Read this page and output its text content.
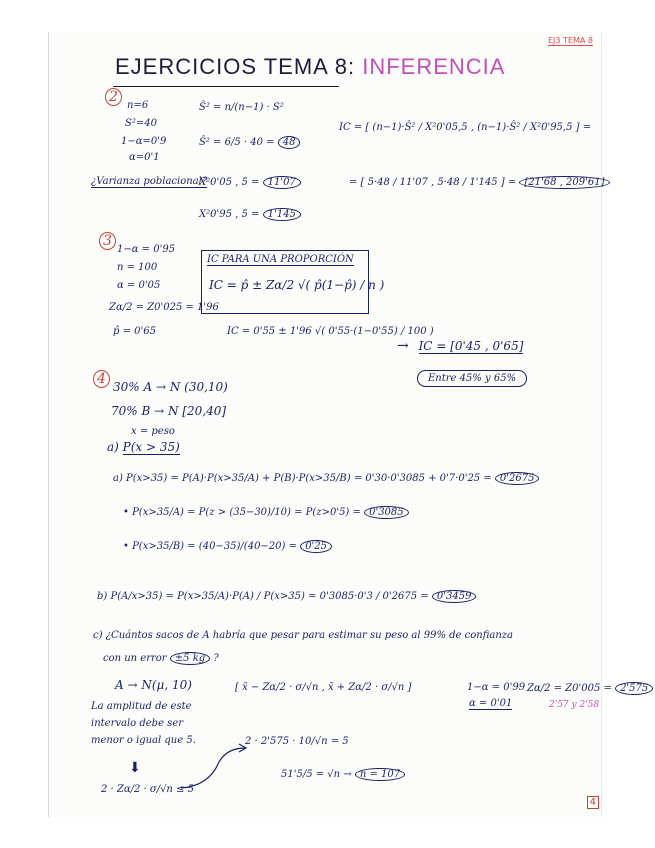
EJ3 TEMA 8
EJERCICIOS TEMA 8: INFERENCIA
2
n=6
S²=40
1−α=0'9
α=0'1
Ŝ² = n/(n−1) · S²
Ŝ² = 6/5 · 40 = 48
IC = [ (n−1)·Ŝ² / X²0'05,5 , (n−1)·Ŝ² / X²0'95,5 ] =
¿Varianza poblacional?
X²0'05 , 5 = 11'07
X²0'95 , 5 = 1'145
= [ 5·48 / 11'07 , 5·48 / 1'145 ] = [21'68 , 209'61]
3
1−α = 0'95
n = 100
α = 0'05
Zα/2 = Z0'025 = 1'96
p̂ = 0'65
IC PARA UNA PROPORCIÓN
IC = p̂ ± Zα/2 √( p̂(1−p̂) / n )
IC = 0'55 ± 1'96 √( 0'55·(1−0'55) / 100 )
→ IC = [0'45 , 0'65]
Entre 45% y 65%
4 30% A → N (30,10)
70% B → N [20,40]
x = peso
a) P(x > 35)
a) P(x>35) = P(A)·P(x>35/A) + P(B)·P(x>35/B) = 0'30·0'3085 + 0'7·0'25 = 0'2675
• P(x>35/A) = P(z > (35−30)/10) = P(z>0'5) = 0'3085
• P(x>35/B) = (40−35)/(40−20) = 0'25
b) P(A/x>35) = P(x>35/A)·P(A) / P(x>35) = 0'3085·0'3 / 0'2675 = 0'3459
c) ¿Cuántos sacos de A habría que pesar para estimar su peso al 99% de confianza
con un error ±5 kg ?
A → N(μ, 10)	[ x̄ − Zα/2 · σ/√n , x̄ + Zα/2 · σ/√n ]	1−α = 0'99
α = 0'01
Zα/2 = Z0'005 = 2'575
2'57 y 2'58
La amplitud de este intervalo debe ser menor o igual que 5.
⬇
2 · Zα/2 · σ/√n ≤ 5
2 · 2'575 · 10/√n = 5
51'5/5 = √n → n = 107
4
